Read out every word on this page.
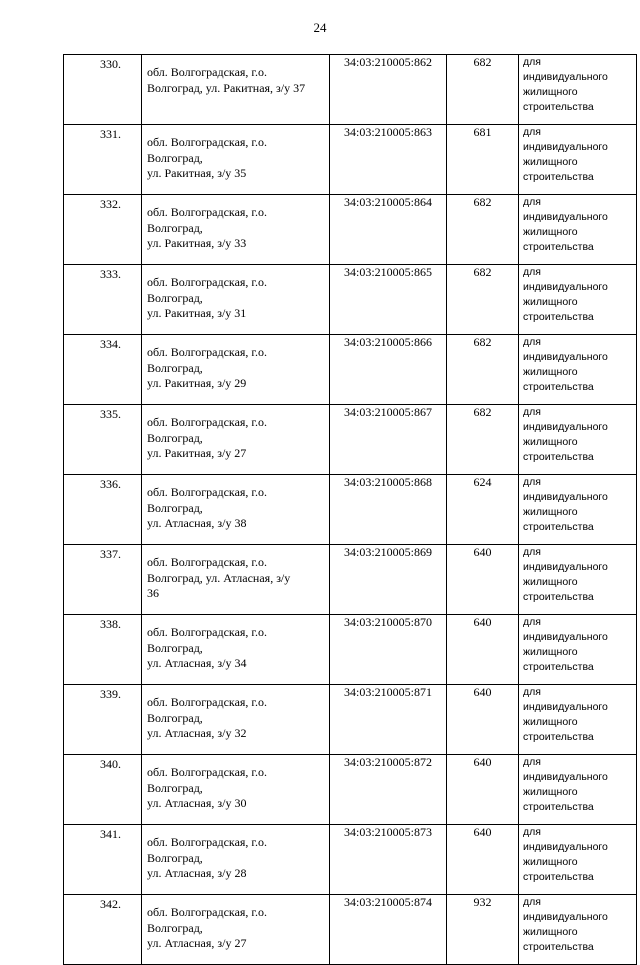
24
330.	обл. Волгоградская, г.о.
Волгоград, ул. Ракитная, з/у 37	34:03:210005:862	682	для
индивидуального
жилищного
строительства

331.	обл. Волгоградская, г.о.
Волгоград,
ул. Ракитная, з/у 35	34:03:210005:863	681	для
индивидуального
жилищного
строительства

332.	обл. Волгоградская, г.о.
Волгоград,
ул. Ракитная, з/у 33	34:03:210005:864	682	для
индивидуального
жилищного
строительства

333.	обл. Волгоградская, г.о.
Волгоград,
ул. Ракитная, з/у 31	34:03:210005:865	682	для
индивидуального
жилищного
строительства

334.	обл. Волгоградская, г.о.
Волгоград,
ул. Ракитная, з/у 29	34:03:210005:866	682	для
индивидуального
жилищного
строительства

335.	обл. Волгоградская, г.о.
Волгоград,
ул. Ракитная, з/у 27	34:03:210005:867	682	для
индивидуального
жилищного
строительства

336.	обл. Волгоградская, г.о.
Волгоград,
ул. Атласная, з/у 38	34:03:210005:868	624	для
индивидуального
жилищного
строительства

337.	обл. Волгоградская, г.о.
Волгоград, ул. Атласная, з/у
36	34:03:210005:869	640	для
индивидуального
жилищного
строительства

338.	обл. Волгоградская, г.о.
Волгоград,
ул. Атласная, з/у 34	34:03:210005:870	640	для
индивидуального
жилищного
строительства

339.	обл. Волгоградская, г.о.
Волгоград,
ул. Атласная, з/у 32	34:03:210005:871	640	для
индивидуального
жилищного
строительства

340.	обл. Волгоградская, г.о.
Волгоград,
ул. Атласная, з/у 30	34:03:210005:872	640	для
индивидуального
жилищного
строительства

341.	обл. Волгоградская, г.о.
Волгоград,
ул. Атласная, з/у 28	34:03:210005:873	640	для
индивидуального
жилищного
строительства

342.	обл. Волгоградская, г.о.
Волгоград,
ул. Атласная, з/у 27	34:03:210005:874	932	для
индивидуального
жилищного
строительства
